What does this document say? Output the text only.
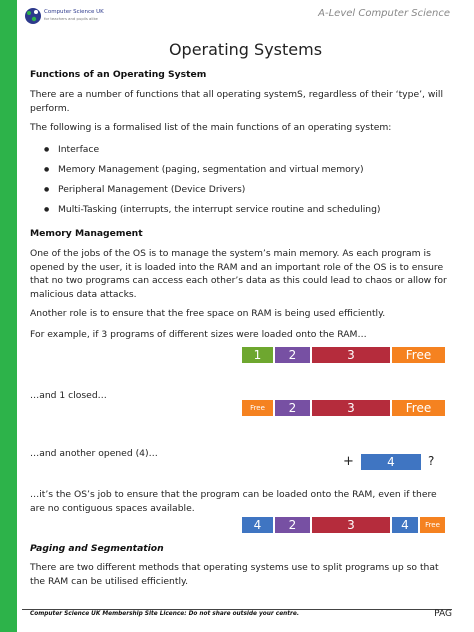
Computer Science UK
for teachers and pupils alike	A-Level Computer Science
Operating Systems
Functions of an Operating System
There are a number of functions that all operating systemS, regardless of their ‘type’, will perform.
The following is a formalised list of the main functions of an operating system:
● Interface
● Memory Management (paging, segmentation and virtual memory)
● Peripheral Management (Device Drivers)
● Multi-Tasking (interrupts, the interrupt service routine and scheduling)
Memory Management
One of the jobs of the OS is to manage the system’s main memory. As each program is opened by the user, it is loaded into the RAM and an important role of the OS is to ensure that no two programs can access each other’s data as this could lead to chaos or allow for malicious data attacks.
Another role is to ensure that the free space on RAM is being used efficiently.
For example, if 3 programs of different sizes were loaded onto the RAM…
1	2	3	Free
…and 1 closed…
Free	2	3	Free
…and another opened (4)…
+	4	?
…it’s the OS’s job to ensure that the program can be loaded onto the RAM, even if there are no contiguous spaces available.
4	2	3	4	Free
Paging and Segmentation
There are two different methods that operating systems use to split programs up so that the RAM can be utilised efficiently.
Computer Science UK Membership Site Licence: Do not share outside your centre.	PAG
